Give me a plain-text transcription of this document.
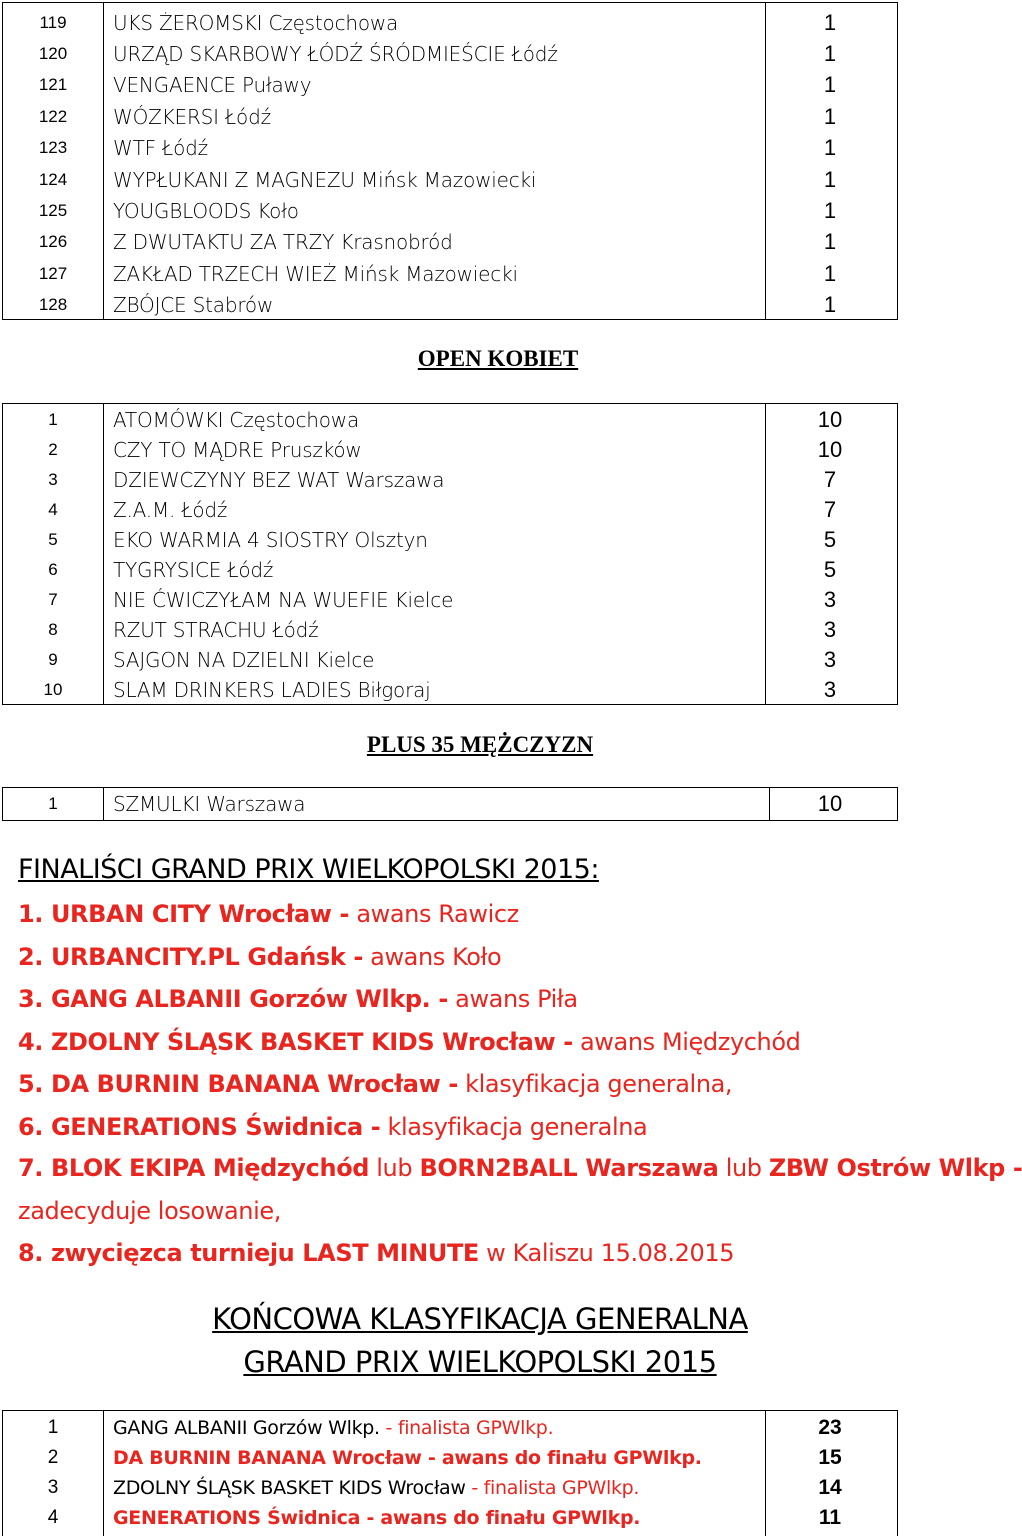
119	UKS ŻEROMSKI Częstochowa	1
120	URZĄD SKARBOWY ŁÓDŹ ŚRÓDMIEŚCIE Łódź	1
121	VENGAENCE Puławy	1
122	WÓZKERSI Łódź	1
123	WTF Łódź	1
124	WYPŁUKANI Z MAGNEZU Mińsk Mazowiecki	1
125	YOUGBLOODS Koło	1
126	Z DWUTAKTU ZA TRZY Krasnobród	1
127	ZAKŁAD TRZECH WIEŻ Mińsk Mazowiecki	1
128	ZBÓJCE Stabrów	1
OPEN KOBIET
1	ATOMÓWKI Częstochowa	10
2	CZY TO MĄDRE Pruszków	10
3	DZIEWCZYNY BEZ WAT Warszawa	7
4	Z.A.M. Łódź	7
5	EKO WARMIA 4 SIOSTRY Olsztyn	5
6	TYGRYSICE Łódź	5
7	NIE ĆWICZYŁAM NA WUEFIE Kielce	3
8	RZUT STRACHU Łódź	3
9	SAJGON NA DZIELNI Kielce	3
10	SLAM DRINKERS LADIES Biłgoraj	3
PLUS 35 MĘŻCZYZN
1	SZMULKI Warszawa	10
FINALIŚCI GRAND PRIX WIELKOPOLSKI 2015:
1. URBAN CITY Wrocław - awans Rawicz
2. URBANCITY.PL Gdańsk - awans Koło
3. GANG ALBANII Gorzów Wlkp. - awans Piła
4. ZDOLNY ŚLĄSK BASKET KIDS Wrocław - awans Międzychód
5. DA BURNIN BANANA Wrocław - klasyfikacja generalna,
6. GENERATIONS Świdnica - klasyfikacja generalna
7. BLOK EKIPA Międzychód lub BORN2BALL Warszawa lub ZBW Ostrów Wlkp -
zadecyduje losowanie,
8. zwycięzca turnieju LAST MINUTE w Kaliszu 15.08.2015
KOŃCOWA KLASYFIKACJA GENERALNA
GRAND PRIX WIELKOPOLSKI 2015
1	GANG ALBANII Gorzów Wlkp. - finalista GPWlkp.	23
2	DA BURNIN BANANA Wrocław - awans do finału GPWlkp.	15
3	ZDOLNY ŚLĄSK BASKET KIDS Wrocław - finalista GPWlkp.	14
4	GENERATIONS Świdnica - awans do finału GPWlkp.	11
